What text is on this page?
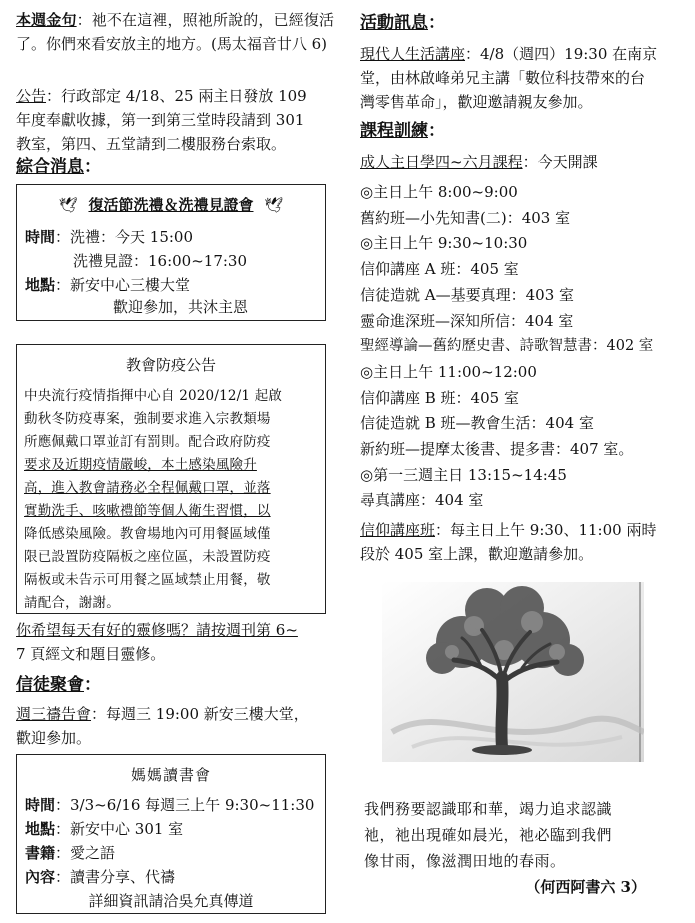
本週金句：祂不在這裡，照祂所說的，已經復活了。你們來看安放主的地方。(馬太福音廿八 6)
公告：行政部定 4/18、25 兩主日發放 109
年度奉獻收據，第一到第三堂時段請到 301
教室，第四、五堂請到二樓服務台索取。
綜合消息：
🕊 復活節洗禮＆洗禮見證會 🕊
時間：洗禮：今天 15:00
洗禮見證：16:00~17:30
地點：新安中心三樓大堂
歡迎參加，共沐主恩
教會防疫公告
中央流行疫情指揮中心自 2020/12/1 起啟
動秋冬防疫專案，強制要求進入宗教類場
所應佩戴口罩並訂有罰則。配合政府防疫
要求及近期疫情嚴峻，本土感染風險升
高，進入教會請務必全程佩戴口罩，並落
實勤洗手、咳嗽禮節等個人衛生習慣，以
降低感染風險。教會場地內可用餐區域僅
限已設置防疫隔板之座位區，未設置防疫
隔板或未告示可用餐之區域禁止用餐，敬
請配合，謝謝。
你希望每天有好的靈修嗎？請按週刊第 6~
7 頁經文和題目靈修。
信徒聚會：
週三禱告會：每週三 19:00 新安三樓大堂，
歡迎參加。
媽媽讀書會
時間：3/3~6/16 每週三上午 9:30~11:30
地點：新安中心 301 室
書籍：愛之語
內容：讀書分享、代禱
詳細資訊請洽吳允真傳道
活動訊息：
現代人生活講座：4/8（週四）19:30 在南京
堂，由林啟峰弟兄主講「數位科技帶來的台
灣零售革命」，歡迎邀請親友參加。
課程訓練：
成人主日學四~六月課程：今天開課
◎主日上午 8:00~9:00
舊約班—小先知書(二)：403 室
◎主日上午 9:30~10:30
信仰講座 A 班：405 室
信徒造就 A—基要真理：403 室
靈命進深班—深知所信：404 室
聖經導論—舊約歷史書、詩歌智慧書：402 室
◎主日上午 11:00~12:00
信仰講座 B 班：405 室
信徒造就 B 班—教會生活：404 室
新約班—提摩太後書、提多書：407 室。
◎第一三週主日 13:15~14:45
尋真講座：404 室
信仰講座班：每主日上午 9:30、11:00 兩時
段於 405 室上課，歡迎邀請參加。
我們務要認識耶和華，竭力追求認識
祂，祂出現確如晨光，祂必臨到我們
像甘雨，像滋潤田地的春雨。
（何西阿書六 3）
